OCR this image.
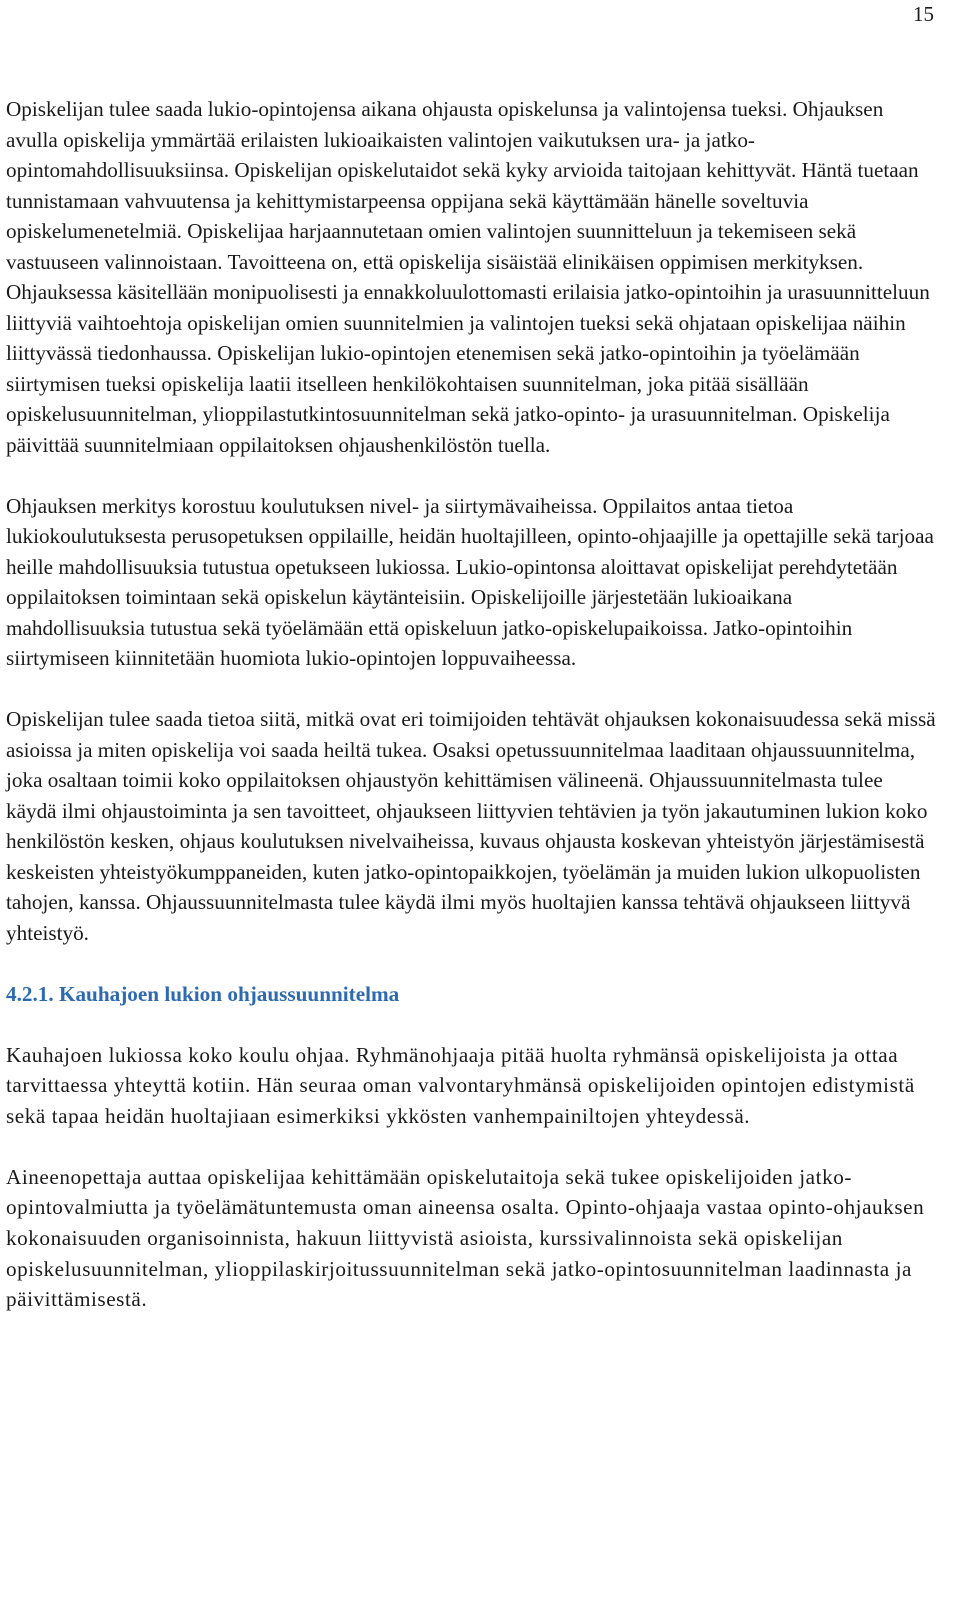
15

Opiskelijan tulee saada lukio-opintojensa aikana ohjausta opiskelunsa ja valintojensa tueksi. Ohjauksen avulla opiskelija ymmärtää erilaisten lukioaikaisten valintojen vaikutuksen ura- ja jatko-opintomahdollisuuksiinsa. Opiskelijan opiskelutaidot sekä kyky arvioida taitojaan kehittyvät. Häntä tuetaan tunnistamaan vahvuutensa ja kehittymistarpeensa oppijana sekä käyttämään hänelle soveltuvia opiskelumenetelmiä. Opiskelijaa harjaannutetaan omien valintojen suunnitteluun ja tekemiseen sekä vastuuseen valinnoistaan. Tavoitteena on, että opiskelija sisäistää elinikäisen oppimisen merkityksen. Ohjauksessa käsitellään monipuolisesti ja ennakkoluulottomasti erilaisia jatko-opintoihin ja urasuunnitteluun liittyviä vaihtoehtoja opiskelijan omien suunnitelmien ja valintojen tueksi sekä ohjataan opiskelijaa näihin liittyvässä tiedonhaussa. Opiskelijan lukio-opintojen etenemisen sekä jatko-opintoihin ja työelämään siirtymisen tueksi opiskelija laatii itselleen henkilökohtaisen suunnitelman, joka pitää sisällään opiskelusuunnitelman, ylioppilastutkintosuunnitelman sekä jatko-opinto- ja urasuunnitelman. Opiskelija päivittää suunnitelmiaan oppilaitoksen ohjaushenkilöstön tuella.

Ohjauksen merkitys korostuu koulutuksen nivel- ja siirtymävaiheissa. Oppilaitos antaa tietoa lukiokoulutuksesta perusopetuksen oppilaille, heidän huoltajilleen, opinto-ohjaajille ja opettajille sekä tarjoaa heille mahdollisuuksia tutustua opetukseen lukiossa. Lukio-opintonsa aloittavat opiskelijat perehdytetään oppilaitoksen toimintaan sekä opiskelun käytänteisiin. Opiskelijoille järjestetään lukioaikana mahdollisuuksia tutustua sekä työelämään että opiskeluun jatko-opiskelupaikoissa. Jatko-opintoihin siirtymiseen kiinnitetään huomiota lukio-opintojen loppuvaiheessa.

Opiskelijan tulee saada tietoa siitä, mitkä ovat eri toimijoiden tehtävät ohjauksen kokonaisuudessa sekä missä asioissa ja miten opiskelija voi saada heiltä tukea. Osaksi opetussuunnitelmaa laaditaan ohjaussuunnitelma, joka osaltaan toimii koko oppilaitoksen ohjaustyön kehittämisen välineenä. Ohjaussuunnitelmasta tulee käydä ilmi ohjaustoiminta ja sen tavoitteet, ohjaukseen liittyvien tehtävien ja työn jakautuminen lukion koko henkilöstön kesken, ohjaus koulutuksen nivelvaiheissa, kuvaus ohjausta koskevan yhteistyön järjestämisestä keskeisten yhteistyökumppaneiden, kuten jatko-opintopaikkojen, työelämän ja muiden lukion ulkopuolisten tahojen, kanssa. Ohjaussuunnitelmasta tulee käydä ilmi myös huoltajien kanssa tehtävä ohjaukseen liittyvä yhteistyö.

4.2.1. Kauhajoen lukion ohjaussuunnitelma

Kauhajoen lukiossa koko koulu ohjaa. Ryhmänohjaaja pitää huolta ryhmänsä opiskelijoista ja ottaa tarvittaessa yhteyttä kotiin. Hän seuraa oman valvontaryhmänsä opiskelijoiden opintojen edistymistä sekä tapaa heidän huoltajiaan esimerkiksi ykkösten vanhempainiltojen yhteydessä.

Aineenopettaja auttaa opiskelijaa kehittämään opiskelutaitoja sekä tukee opiskelijoiden jatko-opintovalmiutta ja työelämätuntemusta oman aineensa osalta. Opinto-ohjaaja vastaa opinto-ohjauksen kokonaisuuden organisoinnista, hakuun liittyvistä asioista, kurssivalinnoista sekä opiskelijan opiskelusuunnitelman, ylioppilaskirjoitussuunnitelman sekä jatko-opintosuunnitelman laadinnasta ja päivittämisestä.
